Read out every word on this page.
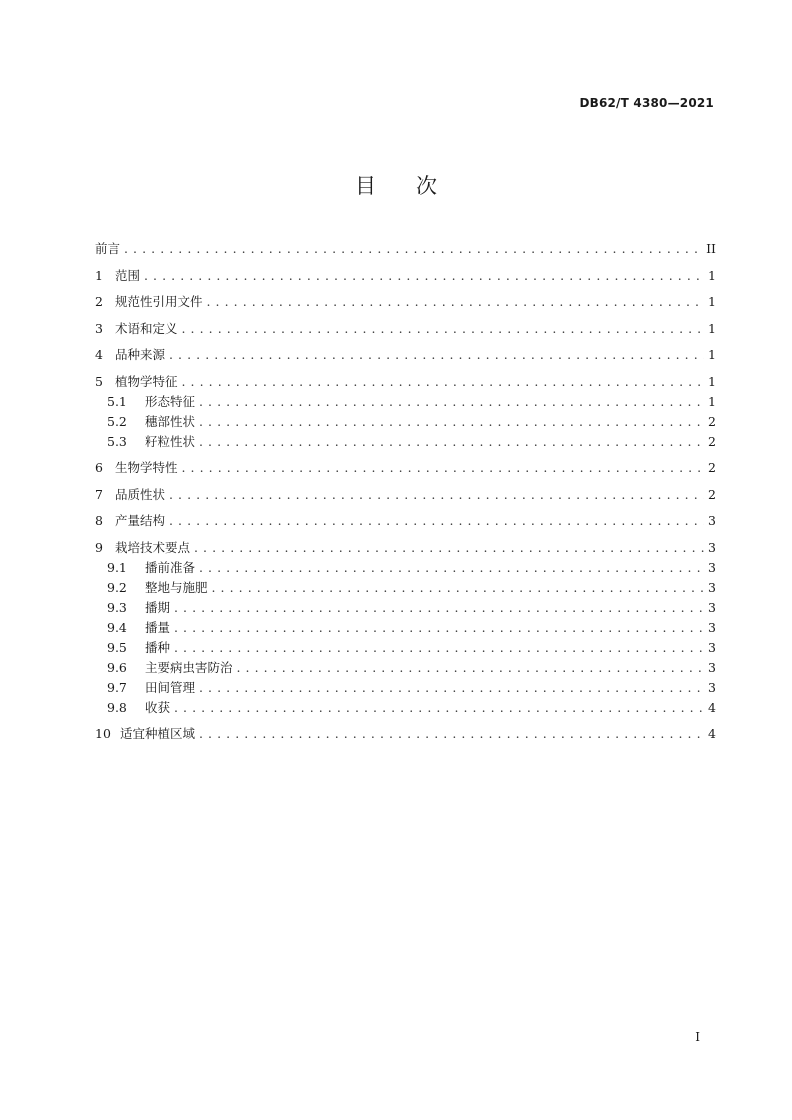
DB62/T 4380—2021
目 次
前言 . . .	II
1 范围 . . .	1
2 规范性引用文件 . . .	1
3 术语和定义 . . .	1
4 品种来源 . . .	1
5 植物学特征 . . .	1
5.1	形态特征 . . .	1
5.2	穗部性状 . . .	2
5.3	籽粒性状 . . .	2
6 生物学特性 . . .	2
7 品质性状 . . .	2
8 产量结构 . . .	3
9 栽培技术要点 . . .	3
9.1	播前准备 . . .	3
9.2	整地与施肥 . . .	3
9.3	播期 . . .	3
9.4	播量 . . .	3
9.5	播种 . . .	3
9.6	主要病虫害防治 . . .	3
9.7	田间管理 . . .	3
9.8	收获 . . .	4
10 适宜种植区域 . . .	4
I
